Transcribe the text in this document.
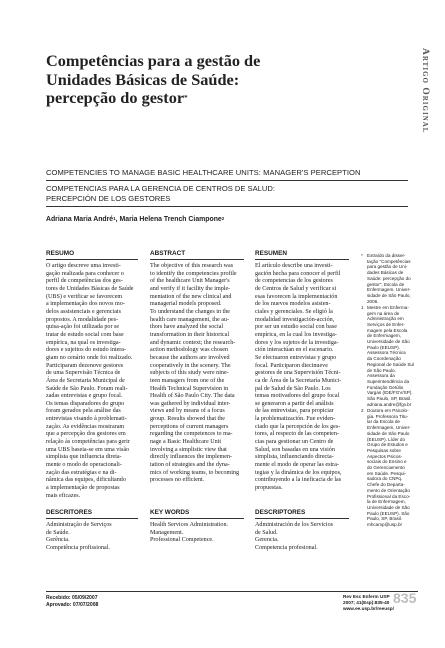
Competências para a gestão de
Unidades Básicas de Saúde:
percepção do gestor*	Artigo Original
COMPETENCIES TO MANAGE BASIC HEALTHCARE UNITS: MANAGER'S PERCEPTION
COMPETENCIAS PARA LA GERENCIA DE CENTROS DE SALUD: PERCEPCIÓN DE LOS GESTORES
Adriana Maria André$^1$, Maria Helena Trench Ciampone$^2$
RESUMO
O artigo descreve uma investi-
gação realizada para conhecer o
perfil de competências dos ges-
tores de Unidades Básicas de Saúde
(UBS) e verificar se favorecem
a implementação dos novos mo-
delos assistenciais e gerenciais
propostos. A modalidade pes-
quisa-ação foi utilizada por se
tratar de estudo social com base
empírica, na qual os investiga-
dores e sujeitos do estudo intera-
giam no cenário onde foi realizado.
Participaram dezenove gestores
de uma Supervisão Técnica de
Área de Secretaria Municipal de
Saúde de São Paulo. Foram reali-
zadas entrevistas e grupo focal.
Os temas disparadores do grupo
foram gerados pela análise das
entrevistas visando à problemati-
zação. As evidências mostraram
que a percepção dos gestores em
relação às competências para gerir
uma UBS baseia-se em uma visão
simplista que influencia direta-
mente o modo de operacionali-
zação das estratégias e na di-
nâmica das equipes, dificultando
a implementação de propostas
mais eficazes.
ABSTRACT
The objective of this research was
to identify the competencies profile
of the healthcare Unit Manager's
and verify if it facility the imple-
mentation of the new clinical and
managerial models proposed.
To understand the changes in the
health care management, the au-
thors have analyzed the social
transformation in their historical
and dynamic context; the research-
action methodology was chosen
because the authors are involved
cooperatively in the scenery. The
subjects of this study were nine-
teen managers from one of the
Health Technical Supervision in
Health of São Paulo City. The data
was gathered by individual inter-
views and by means of a focus
group. Results showed that the
perceptions of current managers
regarding the competences to ma-
nage a Basic Healthcare Unit
involving a simplistic view that
directly influences the implemen-
tation of strategies and the dyna-
mics of working teams, to becoming
processes no efficient.
RESUMEN
El artículo describe una investi-
gación hecha para conocer el perfil
de competencias de los gestores
de Centros de Salud y verificar si
esas favorecen la implementación
de los nuevos modelos asisten-
ciales y gerenciales. Se eligió la
modalidad investigación-acción,
por ser un estudio social con base
empírica, en la cual los investiga-
dores y los sujetos de la investiga-
ción interactúan en el escenario.
Se efectuaron entrevistas y grupo
focal. Participaron diecinueve
gestores de una Supervisión Técni-
ca de Área de la Secretaría Munici-
pal de Salud de São Paulo. Los
temas motivadores del grupo focal
se generaron a partir del análisis
de las entrevistas, para propiciar
la problematización. Fue eviden-
ciado que la percepción de los ges-
tores, al respecto de las competen-
cias para gestionar un Centro de
Salud, son basadas en una visión
simplista, influenciando directa-
mente el modo de operar las estra-
tegias y la dinámica de los equipos,
contribuyendo a la ineficacia de las
propuestas.
DESCRITORES
Administração de Serviços
de Saúde.
Gerência.
Competência profissional.
KEY WORDS
Health Services Administration.
Management.
Professional Competence.
DESCRIPTORES
Administración de los Servicios
de Salud.
Gerencia.
Competencia profesional.
* Extraído da disser-
tação "Competências
para gestão de Uni-
dades Básicas de
Saúde: percepção do
gestor", Escola de
Enfermagem, Univer-
sidade de São Paulo,
2006.
1 Mestre em Enferma-
gem na área de
Administração em
Serviços de Enfer-
magem pela Escola
de Enfermagem,
Universidade de São
Paulo (EEUSP).
Assessora Técnica
da Coordenação
Regional de Saúde Sul
de São Paulo.
Assessora da
Superintendência da
Fundação Getúlio
Vargas (IDE/FGV/SP).
São Paulo, SP, Brasil.
adriana.andre@fgv.br
2 Doutora em Psicolo-
gia. Professora Titu-
lar da Escola de
Enfermagem, Univer-
sidade de São Paulo
(EEUSP). Líder do
Grupo de Estudos e
Pesquisas sobre
Aspectos Psicos-
sociais do Ensino e
do Gerenciamento
em Saúde. Pesqui-
sadora do CNPq.
Chefe do Departa-
mento de Orientação
Profissional da Esco-
la de Enfermagem,
Universidade de São
Paulo (EEUSP). São
Paulo, SP, Brasil.
mhcamp@usp.br
Recebido: 05/09/2007
Aprovado: 07/07/2008
Rev Esc Enferm USP
2007; 41(Esp):835-40
www.ee.usp.br/reeusp/
835
